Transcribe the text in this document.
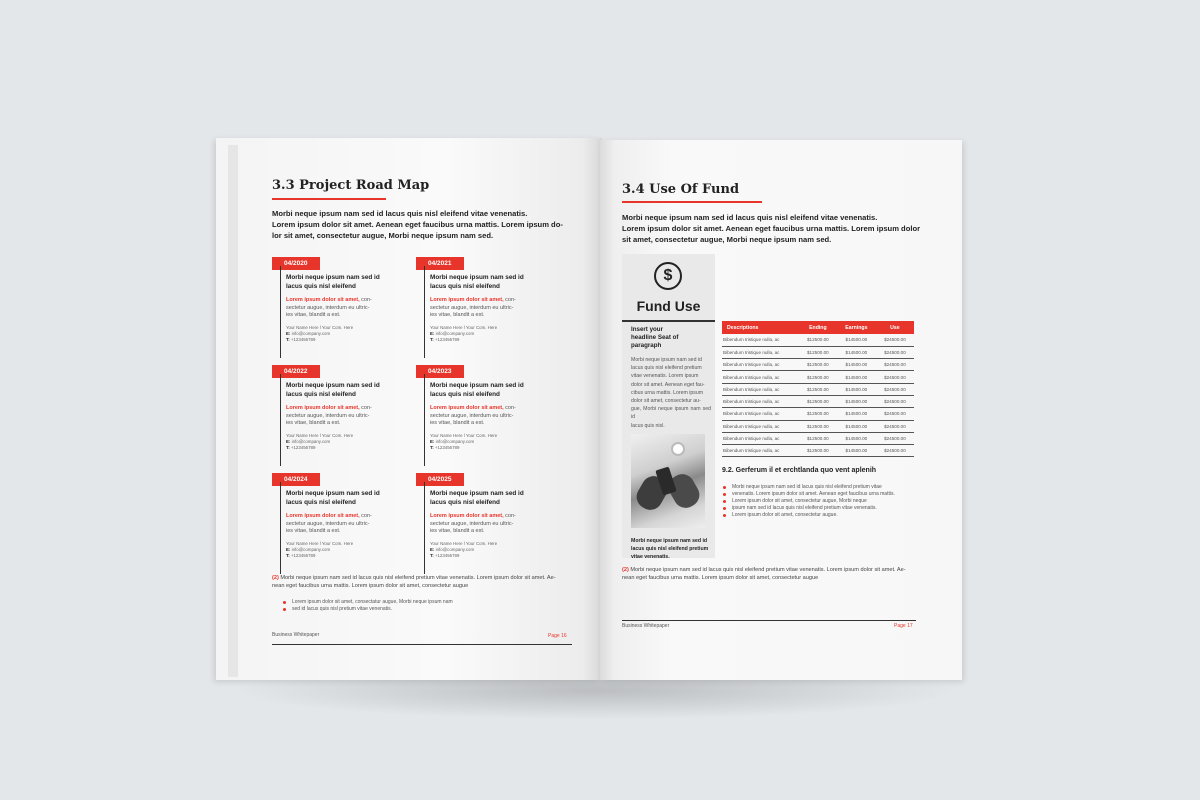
3.3 Project Road Map
Morbi neque ipsum nam sed id lacus quis nisl eleifend vitae venenatis.
Lorem ipsum dolor sit amet. Aenean eget faucibus urna mattis. Lorem ipsum do-
lor sit amet, consectetur augue, Morbi neque ipsum nam sed.
04/2020
Morbi neque ipsum nam sed id
lacus quis nisl eleifend
Lorem ipsum dolor sit amet, con-
sectetur augue, interdum eu ultric-
ies vitae, blandit a est.
Your Name Here l Your Com. Here
E: info@company.com
T: +123456789
04/2021
Morbi neque ipsum nam sed id
lacus quis nisl eleifend
Lorem ipsum dolor sit amet, con-
sectetur augue, interdum eu ultric-
ies vitae, blandit a est.
Your Name Here l Your Com. Here
E: info@company.com
T: +123456789
04/2022
Morbi neque ipsum nam sed id
lacus quis nisl eleifend
Lorem ipsum dolor sit amet, con-
sectetur augue, interdum eu ultric-
ies vitae, blandit a est.
Your Name Here l Your Com. Here
E: info@company.com
T: +123456789
04/2023
Morbi neque ipsum nam sed id
lacus quis nisl eleifend
Lorem ipsum dolor sit amet, con-
sectetur augue, interdum eu ultric-
ies vitae, blandit a est.
Your Name Here l Your Com. Here
E: info@company.com
T: +123456789
04/2024
Morbi neque ipsum nam sed id
lacus quis nisl eleifend
Lorem ipsum dolor sit amet, con-
sectetur augue, interdum eu ultric-
ies vitae, blandit a est.
Your Name Here l Your Com. Here
E: info@company.com
T: +123456789
04/2025
Morbi neque ipsum nam sed id
lacus quis nisl eleifend
Lorem ipsum dolor sit amet, con-
sectetur augue, interdum eu ultric-
ies vitae, blandit a est.
Your Name Here l Your Com. Here
E: info@company.com
T: +123456789
(2) Morbi neque ipsum nam sed id lacus quis nisl eleifend pretium vitae venenatis. Lorem ipsum dolor sit amet. Ae-
nean eget faucibus urna mattis. Lorem ipsum dolor sit amet, consectetur augue
Lorem ipsum dolor sit amet, consectatur augue, Morbi neque ipsum nam
sed id lacus quis nisl pretium vitae venenatis.
Business Whitepaper	Page 16
3.4 Use Of Fund
Morbi neque ipsum nam sed id lacus quis nisl eleifend vitae venenatis.
Lorem ipsum dolor sit amet. Aenean eget faucibus urna mattis. Lorem ipsum dolor
sit amet, consectetur augue, Morbi neque ipsum nam sed.
$
Fund Use
Insert your
headline Seat of
paragraph
Morbi neque ipsum nam sed id
lacus quis nisl eleifend pretium
vitae venenatis. Lorem ipsum
dolor sit amet. Aenean eget fau-
cibus urna mattis. Lorem ipsum
dolor sit amet, consectetur au-
gue, Morbi neque ipsum nam sed id
lacus quis nisl.
Morbi neque ipsum nam sed id
lacus quis nisl eleifend pretium
vitae venenatis.
Descriptions	Ending	Earnings	Use
Bibendum tristique nulla, ac	$12500.00	$14500.00	$24500.00
Bibendum tristique nulla, ac	$12500.00	$14500.00	$24500.00
Bibendum tristique nulla, ac	$12500.00	$14500.00	$24500.00
Bibendum tristique nulla, ac	$12500.00	$14500.00	$24500.00
Bibendum tristique nulla, ac	$12500.00	$14500.00	$24500.00
Bibendum tristique nulla, ac	$12500.00	$14500.00	$24500.00
Bibendum tristique nulla, ac	$12500.00	$14500.00	$24500.00
Bibendum tristique nulla, ac	$12500.00	$14500.00	$24500.00
Bibendum tristique nulla, ac	$12500.00	$14500.00	$24500.00
Bibendum tristique nulla, ac	$12500.00	$14500.00	$24500.00
9.2. Gerferum il et erchtlanda quo vent aplenih
Morbi neque ipsum nam sed id lacus quis nisl eleifend pretium vitae
venenatis. Lorem ipsum dolor sit amet. Aenean eget faucibus urna mattis.
Lorem ipsum dolor sit amet, consectetur augue, Morbi neque
ipsum nam sed id lacus quis nisl eleifend pretium vitae venenatis.
Lorem ipsum dolor sit amet, consectetur augue.
(2) Morbi neque ipsum nam sed id lacus quis nisl eleifend pretium vitae venenatis. Lorem ipsum dolor sit amet. Ae-
nean eget faucibus urna mattis. Lorem ipsum dolor sit amet, consectetur augue
Business Whitepaper	Page 17
